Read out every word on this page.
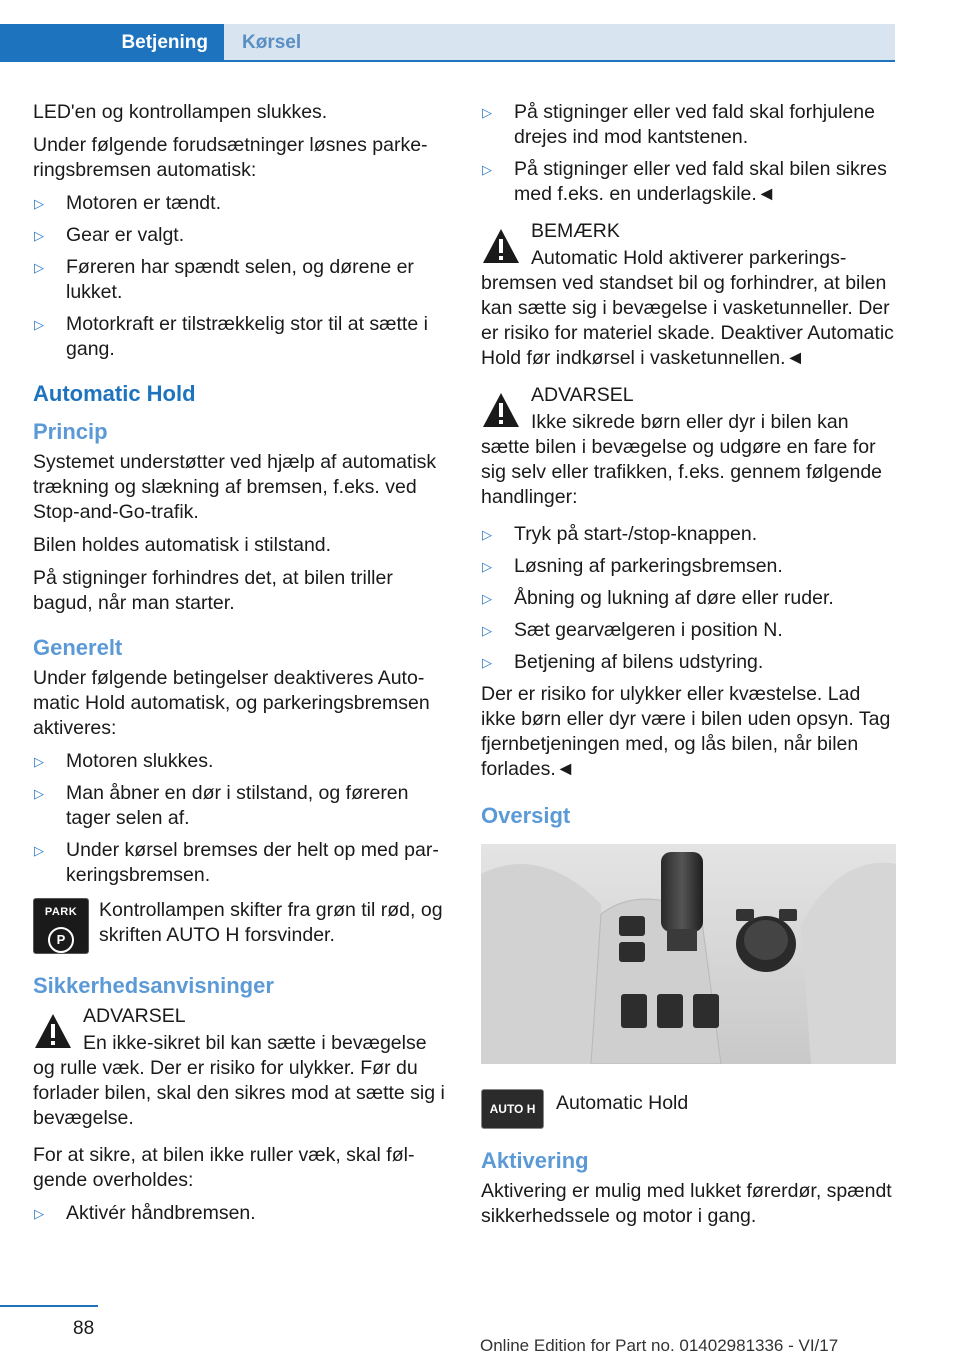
Betjening Kørsel

LED'en og kontrollampen slukkes.

Under følgende forudsætninger løsnes parkeringsbremsen automatisk:

▷	Motoren er tændt.
▷	Gear er valgt.
▷	Føreren har spændt selen, og dørene er lukket.
▷	Motorkraft er tilstrækkelig stor til at sætte i gang.
Automatic Hold
Princip

Systemet understøtter ved hjælp af automatisk trækning og slækning af bremsen, f.eks. ved Stop-and-Go-trafik.

Bilen holdes automatisk i stilstand.

På stigninger forhindres det, at bilen triller bagud, når man starter.

Generelt

Under følgende betingelser deaktiveres Automatic Hold automatisk, og parkeringsbremsen aktiveres:

▷	Motoren slukkes.
▷	Man åbner en dør i stilstand, og føreren tager selen af.
▷	Under kørsel bremses der helt op med parkeringsbremsen.
PARK
P
Kontrollampen skifter fra grøn til rød, og skriften AUTO H forsvinder.
Sikkerhedsanvisninger
ADVARSEL
En ikke-sikret bil kan sætte i bevægelse og rulle væk. Der er risiko for ulykker. Før du forlader bilen, skal den sikres mod at sætte sig i bevægelse.

For at sikre, at bilen ikke ruller væk, skal følgende overholdes:

▷	Aktivér håndbremsen.
▷	På stigninger eller ved fald skal forhjulene drejes ind mod kantstenen.
▷	På stigninger eller ved fald skal bilen sikres med f.eks. en underlagskile.◄
BEMÆRK
Automatic Hold aktiverer parkeringsbremsen ved standset bil og forhindrer, at bilen kan sætte sig i bevægelse i vasketunneller. Der er risiko for materiel skade. Deaktiver Automatic Hold før indkørsel i vasketunnellen.◄
ADVARSEL
Ikke sikrede børn eller dyr i bilen kan sætte bilen i bevægelse og udgøre en fare for sig selv eller trafikken, f.eks. gennem følgende handlinger:
▷	Tryk på start-/stop-knappen.
▷	Løsning af parkeringsbremsen.
▷	Åbning og lukning af døre eller ruder.
▷	Sæt gearvælgeren i position N.
▷	Betjening af bilens udstyring.

Der er risiko for ulykker eller kvæstelse. Lad ikke børn eller dyr være i bilen uden opsyn. Tag fjernbetjeningen med, og lås bilen, når bilen forlades.◄

Oversigt
AUTO H	Automatic Hold
Aktivering

Aktivering er mulig med lukket førerdør, spændt sikkerhedssele og motor i gang.

88
Online Edition for Part no. 01402981336 - VI/17
